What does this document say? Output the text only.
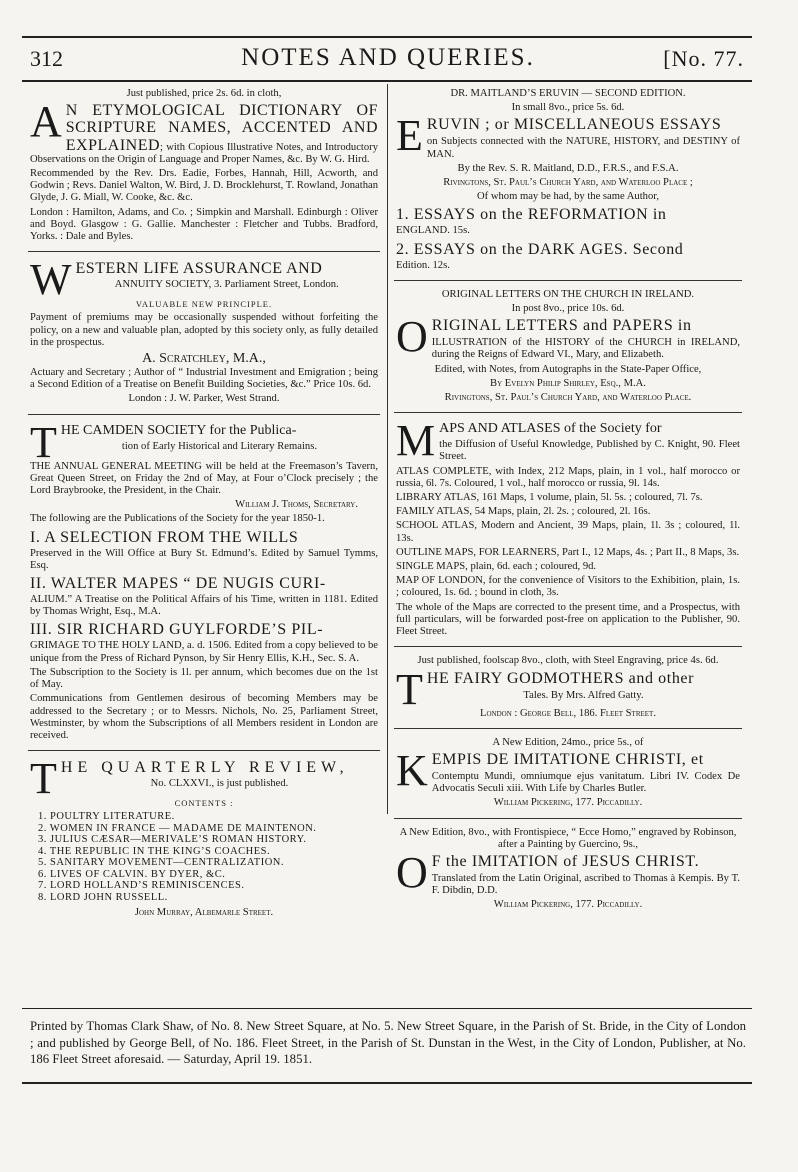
312	NOTES AND QUERIES.	[No. 77.

Just published, price 2s. 6d. in cloth,

A N ETYMOLOGICAL DICTIONARY OF SCRIPTURE NAMES, ACCENTED AND EXPLAINED; with Copious Illustrative Notes, and Introductory Observations on the Origin of Language and Proper Names, &c. By W. G. Hird.

Recommended by the Rev. Drs. Eadie, Forbes, Hannah, Hill, Acworth, and Godwin ; Revs. Daniel Walton, W. Bird, J. D. Brocklehurst, T. Rowland, Jonathan Glyde, J. G. Miall, W. Cooke, &c. &c.

London : Hamilton, Adams, and Co. ; Simpkin and Marshall. Edinburgh : Oliver and Boyd. Glasgow : G. Gallie. Manchester : Fletcher and Tubbs. Bradford, Yorks. : Dale and Byles.

WESTERN LIFE ASSURANCE AND

ANNUITY SOCIETY, 3. Parliament Street, London.

VALUABLE NEW PRINCIPLE.

Payment of premiums may be occasionally suspended without forfeiting the policy, on a new and valuable plan, adopted by this society only, as fully detailed in the prospectus.

A. Scratchley, M.A.,

Actuary and Secretary ; Author of “ Industrial Investment and Emigration ; being a Second Edition of a Treatise on Benefit Building Societies, &c.” Price 10s. 6d.

London : J. W. Parker, West Strand.

THE CAMDEN SOCIETY for the Publica-

tion of Early Historical and Literary Remains.

THE ANNUAL GENERAL MEETING will be held at the Freemason’s Tavern, Great Queen Street, on Friday the 2nd of May, at Four o’Clock precisely ; the Lord Braybrooke, the President, in the Chair.

William J. Thoms, Secretary.

The following are the Publications of the Society for the year 1850-1.

I. A SELECTION FROM THE WILLS

Preserved in the Will Office at Bury St. Edmund’s. Edited by Samuel Tymms, Esq.

II. WALTER MAPES “ DE NUGIS CURI-

ALIUM.” A Treatise on the Political Affairs of his Time, written in 1181. Edited by Thomas Wright, Esq., M.A.

III. SIR RICHARD GUYLFORDE’S PIL-

GRIMAGE TO THE HOLY LAND, a. d. 1506. Edited from a copy believed to be unique from the Press of Richard Pynson, by Sir Henry Ellis, K.H., Sec. S. A.

The Subscription to the Society is 1l. per annum, which becomes due on the 1st of May.

Communications from Gentlemen desirous of becoming Members may be addressed to the Secretary ; or to Messrs. Nichols, No. 25, Parliament Street, Westminster, by whom the Subscriptions of all Members resident in London are received.

THE QUARTERLY REVIEW,

No. CLXXVI., is just published.

CONTENTS :

1. POULTRY LITERATURE.
2. WOMEN IN FRANCE — MADAME DE MAINTENON.
3. JULIUS CÆSAR—MERIVALE’S ROMAN HISTORY.
4. THE REPUBLIC IN THE KING’S COACHES.
5. SANITARY MOVEMENT—CENTRALIZATION.
6. LIVES OF CALVIN. BY DYER, &C.
7. LORD HOLLAND’S REMINISCENCES.
8. LORD JOHN RUSSELL.

John Murray, Albemarle Street.

DR. MAITLAND’S ERUVIN — SECOND EDITION.

In small 8vo., price 5s. 6d.

ERUVIN ; or MISCELLANEOUS ESSAYS

on Subjects connected with the NATURE, HISTORY, and DESTINY of MAN.

By the Rev. S. R. Maitland, D.D., F.R.S., and F.S.A.

Rivingtons, St. Paul’s Church Yard, and Waterloo Place ;

Of whom may be had, by the same Author,

1. ESSAYS on the REFORMATION in

ENGLAND. 15s.

2. ESSAYS on the DARK AGES. Second

Edition. 12s.

ORIGINAL LETTERS ON THE CHURCH IN IRELAND.

In post 8vo., price 10s. 6d.

ORIGINAL LETTERS and PAPERS in

ILLUSTRATION of the HISTORY of the CHURCH in IRELAND, during the Reigns of Edward VI., Mary, and Elizabeth.

Edited, with Notes, from Autographs in the State-Paper Office,

By Evelyn Philip Shirley, Esq., M.A.

Rivingtons, St. Paul’s Church Yard, and Waterloo Place.

MAPS AND ATLASES of the Society for

the Diffusion of Useful Knowledge, Published by C. Knight, 90. Fleet Street.

ATLAS COMPLETE, with Index, 212 Maps, plain, in 1 vol., half morocco or russia, 6l. 7s. Coloured, 1 vol., half morocco or russia, 9l. 14s.

LIBRARY ATLAS, 161 Maps, 1 volume, plain, 5l. 5s. ; coloured, 7l. 7s.

FAMILY ATLAS, 54 Maps, plain, 2l. 2s. ; coloured, 2l. 16s.

SCHOOL ATLAS, Modern and Ancient, 39 Maps, plain, 1l. 3s ; coloured, 1l. 13s.

OUTLINE MAPS, FOR LEARNERS, Part I., 12 Maps, 4s. ; Part II., 8 Maps, 3s.

SINGLE MAPS, plain, 6d. each ; coloured, 9d.

MAP OF LONDON, for the convenience of Visitors to the Exhibition, plain, 1s. ; coloured, 1s. 6d. ; bound in cloth, 3s.

The whole of the Maps are corrected to the present time, and a Prospectus, with full particulars, will be forwarded post-free on application to the Publisher, 90. Fleet Street.

Just published, foolscap 8vo., cloth, with Steel Engraving, price 4s. 6d.

THE FAIRY GODMOTHERS and other

Tales. By Mrs. Alfred Gatty.

London : George Bell, 186. Fleet Street.

A New Edition, 24mo., price 5s., of

KEMPIS DE IMITATIONE CHRISTI, et

Contemptu Mundi, omniumque ejus vanitatum. Libri IV. Codex De Advocatis Seculi xiii. With Life by Charles Butler.

William Pickering, 177. Piccadilly.

A New Edition, 8vo., with Frontispiece, “ Ecce Homo,” engraved by Robinson, after a Painting by Guercino, 9s.,

O F the IMITATION of JESUS CHRIST.

Translated from the Latin Original, ascribed to Thomas à Kempis. By T. F. Dibdin, D.D.

William Pickering, 177. Piccadilly.

Printed by Thomas Clark Shaw, of No. 8. New Street Square, at No. 5. New Street Square, in the Parish of St. Bride, in the City of London ; and published by George Bell, of No. 186. Fleet Street, in the Parish of St. Dunstan in the West, in the City of London, Publisher, at No. 186 Fleet Street aforesaid. — Saturday, April 19. 1851.
